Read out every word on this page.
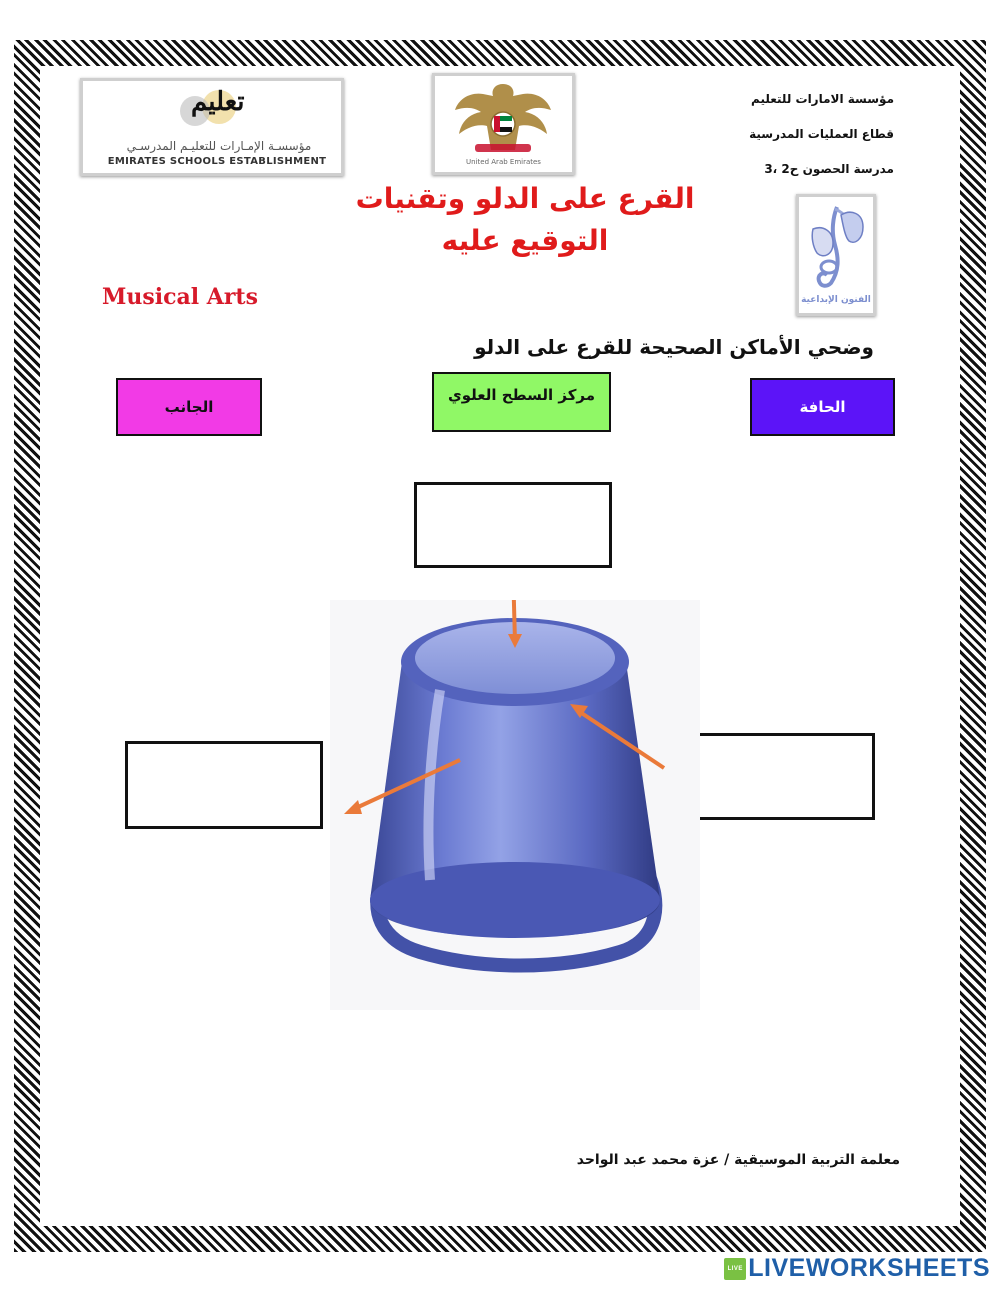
تعليم
مؤسسـة الإمـارات للتعليـم المدرسـي
EMIRATES SCHOOLS ESTABLISHMENT	United Arab Emirates
مؤسسة الامارات للتعليم
قطاع العمليات المدرسية
مدرسة الحصون ح2 ،3
الفنون الإبداعية
القرع على الدلو وتقنيات
التوقيع عليه
Musical Arts
وضحي الأماكن الصحيحة للقرع على الدلو
الجانب
مركز السطح العلوي
الحافة
معلمة التربية الموسيقية / عزة محمد عبد الواحد
LIVE LIVEWORKSHEETS
